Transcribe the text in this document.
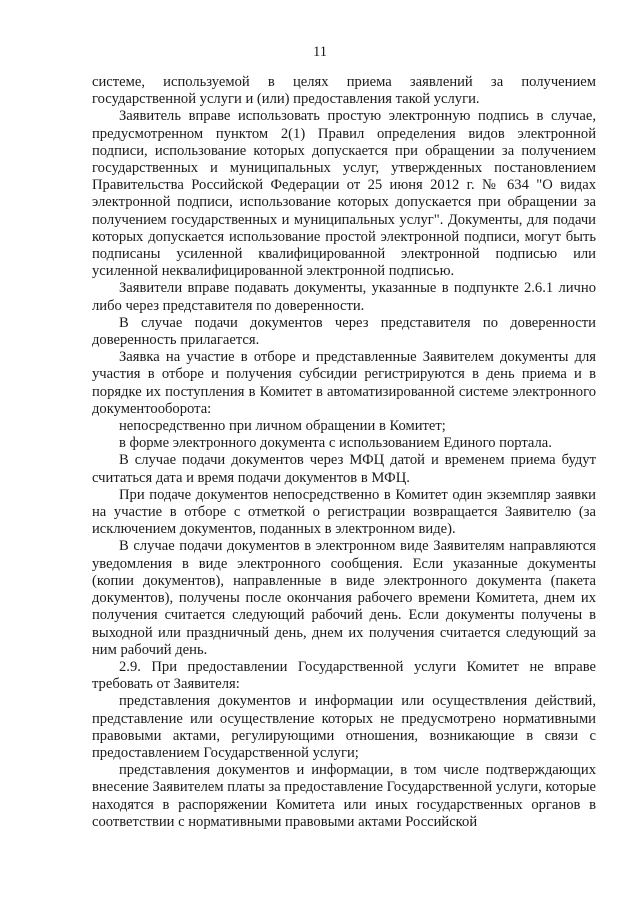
11

системе, используемой в целях приема заявлений за получением государственной услуги и (или) предоставления такой услуги.

Заявитель вправе использовать простую электронную подпись в случае, предусмотренном пунктом 2(1) Правил определения видов электронной подписи, использование которых допускается при обращении за получением государственных и муниципальных услуг, утвержденных постановлением Правительства Российской Федерации от 25 июня 2012 г. № 634 "О видах электронной подписи, использование которых допускается при обращении за получением государственных и муниципальных услуг". Документы, для подачи которых допускается использование простой электронной подписи, могут быть подписаны усиленной квалифицированной электронной подписью или усиленной неквалифицированной электронной подписью.

Заявители вправе подавать документы, указанные в подпункте 2.6.1 лично либо через представителя по доверенности.

В случае подачи документов через представителя по доверенности доверенность прилагается.

Заявка на участие в отборе и представленные Заявителем документы для участия в отборе и получения субсидии регистрируются в день приема и в порядке их поступления в Комитет в автоматизированной системе электронного документооборота:

непосредственно при личном обращении в Комитет;

в форме электронного документа с использованием Единого портала.

В случае подачи документов через МФЦ датой и временем приема будут считаться дата и время подачи документов в МФЦ.

При подаче документов непосредственно в Комитет один экземпляр заявки на участие в отборе с отметкой о регистрации возвращается Заявителю (за исключением документов, поданных в электронном виде).

В случае подачи документов в электронном виде Заявителям направляются уведомления в виде электронного сообщения. Если указанные документы (копии документов), направленные в виде электронного документа (пакета документов), получены после окончания рабочего времени Комитета, днем их получения считается следующий рабочий день. Если документы получены в выходной или праздничный день, днем их получения считается следующий за ним рабочий день.

2.9. При предоставлении Государственной услуги Комитет не вправе требовать от Заявителя:

представления документов и информации или осуществления действий, представление или осуществление которых не предусмотрено нормативными правовыми актами, регулирующими отношения, возникающие в связи с предоставлением Государственной услуги;

представления документов и информации, в том числе подтверждающих внесение Заявителем платы за предоставление Государственной услуги, которые находятся в распоряжении Комитета или иных государственных органов в соответствии с нормативными правовыми актами Российской
